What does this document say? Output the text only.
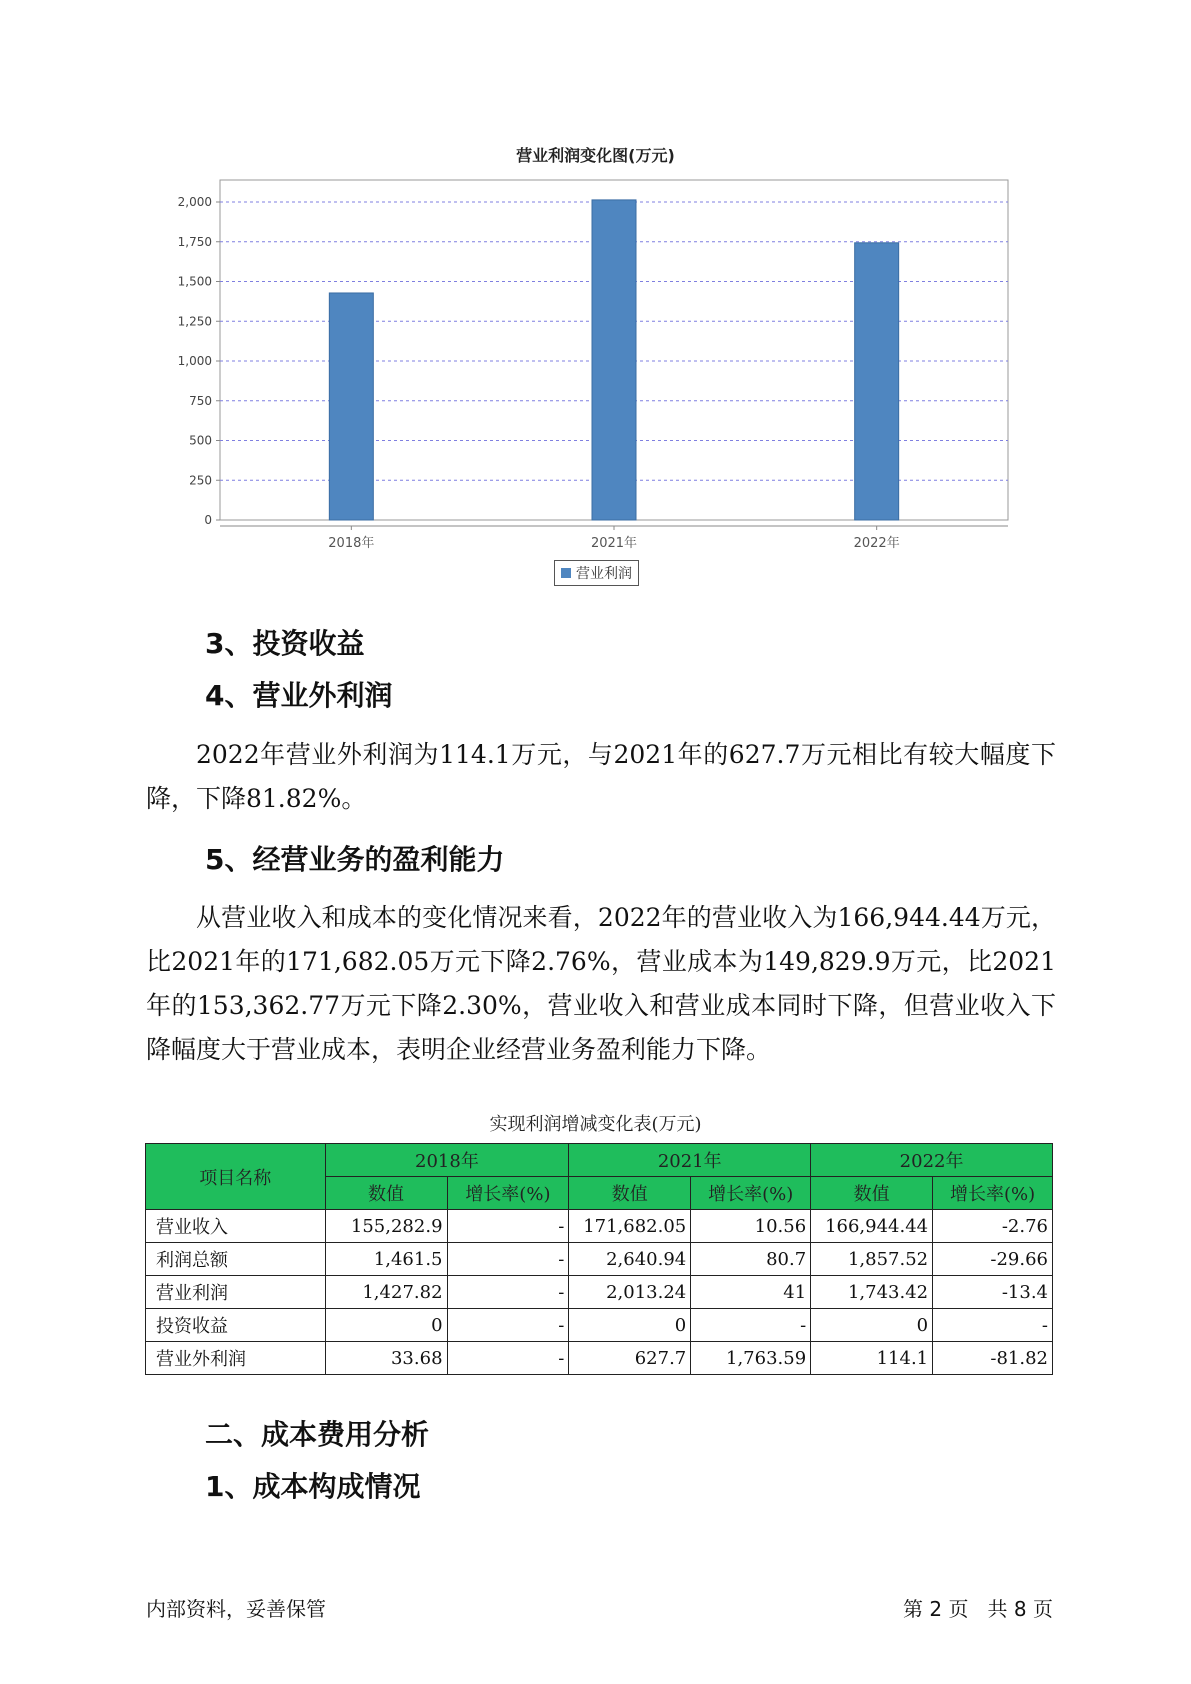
营业利润变化图(万元)
0
250
500
750
1,000
1,250
1,500
1,750
2,000
2018年	2021年	2022年
营业利润
3、投资收益
4、营业外利润
2022年营业外利润为114.1万元，与2021年的627.7万元相比有较大幅度下降，下降81.82%。
5、经营业务的盈利能力
从营业收入和成本的变化情况来看，2022年的营业收入为166,944.44万元，比2021年的171,682.05万元下降2.76%，营业成本为149,829.9万元，比2021年的153,362.77万元下降2.30%，营业收入和营业成本同时下降，但营业收入下降幅度大于营业成本，表明企业经营业务盈利能力下降。
实现利润增减变化表(万元)
项目名称	2018年		2021年		2022年	
	数值	增长率(%)	数值	增长率(%)	数值	增长率(%)
营业收入	155,282.9	-	171,682.05	10.56	166,944.44	-2.76
利润总额	1,461.5	-	2,640.94	80.7	1,857.52	-29.66
营业利润	1,427.82	-	2,013.24	41	1,743.42	-13.4
投资收益	0	-	0	-	0	-
营业外利润	33.68	-	627.7	1,763.59	114.1	-81.82
二、成本费用分析
1、成本构成情况
内部资料，妥善保管	第 2 页   共 8 页
